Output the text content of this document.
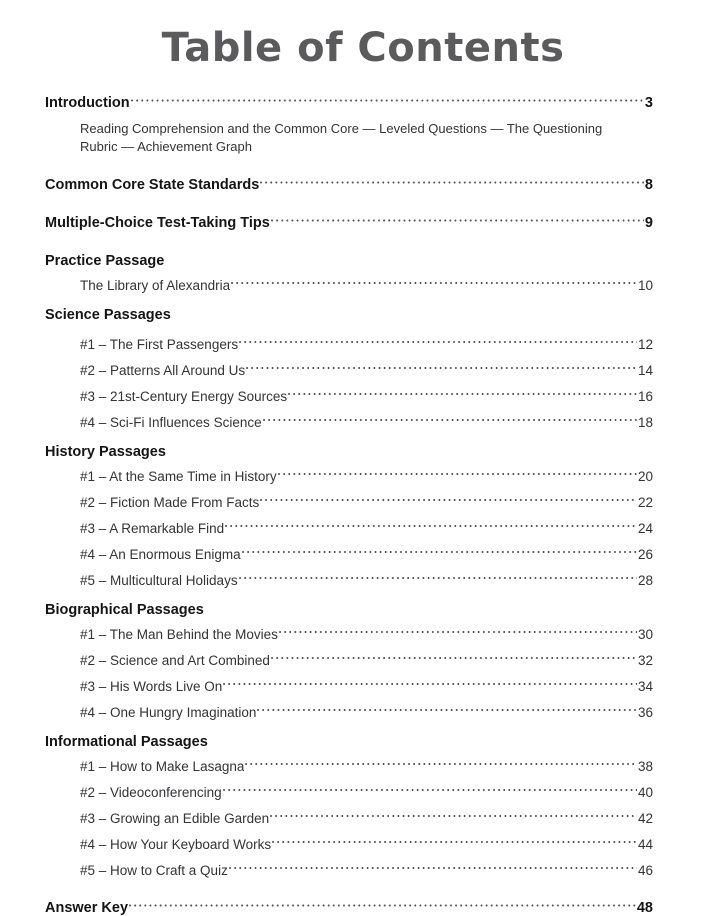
Table of Contents
Introduction	3
Reading Comprehension and the Common Core — Leveled Questions — The Questioning Rubric — Achievement Graph
Common Core State Standards	8
Multiple-Choice Test-Taking Tips	9
Practice Passage
The Library of Alexandria	10
Science Passages
#1 – The First Passengers	12
#2 – Patterns All Around Us	14
#3 – 21st-Century Energy Sources	16
#4 – Sci-Fi Influences Science	18
History Passages
#1 – At the Same Time in History	20
#2 – Fiction Made From Facts	22
#3 – A Remarkable Find	24
#4 – An Enormous Enigma	26
#5 – Multicultural Holidays	28
Biographical Passages
#1 – The Man Behind the Movies	30
#2 – Science and Art Combined	32
#3 – His Words Live On	34
#4 – One Hungry Imagination	36
Informational Passages
#1 – How to Make Lasagna	38
#2 – Videoconferencing	40
#3 – Growing an Edible Garden	42
#4 – How Your Keyboard Works	44
#5 – How to Craft a Quiz	46
Answer Key	48
